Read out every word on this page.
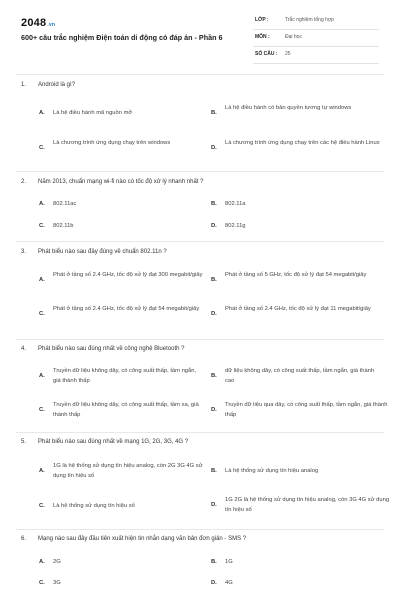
2048.vn
600+ câu trắc nghiệm Điện toán di động có đáp án - Phần 6
LỚP :	Trắc nghiệm tổng hợp
MÔN :	Đại học
SỐ CÂU : 25
1. Android là gì?
A. Là hệ điều hành mã nguồn mở	B.
Là hệ điều hành có bản quyền tương tự windows
C.
Là chương trình ứng dụng chạy trên windows
D.
Là chương trình ứng dụng chạy trên các hệ điều hành Linux
2. Năm 2013, chuẩn mạng wi-fi nào có tốc độ xử lý nhanh nhất ?
A. 802.11ac	B. 802.11a
C. 802.11b	D. 802.11g
3. Phát biểu nào sau đây đúng về chuẩn 802.11n ?
A.
Phát ở tầng số 2.4 GHz, tốc độ xử lý đạt 300 megabit/giây
B.
Phát ở tầng số 5 GHz, tốc độ xử lý đạt 54 megabit/giây
C.
Phát ở tầng số 2.4 GHz, tốc độ xử lý đạt 54 megabit/giây
D.
Phát ở tầng số 2.4 GHz, tốc độ xử lý đạt 11 megabit/giây
4. Phát biểu nào sau đúng nhất về công nghệ Bluetooth ?
A.
Truyền dữ liệu không dây, có công suất thấp, tầm ngắn, giá thành thấp
B.
dữ liệu không dây, có công suất thấp, tầm ngắn, giá thành cao
C.
Truyền dữ liệu không dây, có công suất thấp, tầm xa, giá thành thấp
D.
Truyền dữ liệu qua dây, có công suất thấp, tầm ngắn, giá thành thấp
5. Phát biểu nào sau đúng nhất về mạng 1G, 2G, 3G, 4G ?
A.
1G là hệ thống sử dụng tín hiệu analog, còn 2G 3G 4G sử dụng tín hiệu số
B. Là hệ thống sử dụng tín hiệu analog
C. Là hệ thống sử dụng tín hiệu số	D.
1G 2G là hệ thống sử dụng tín hiệu analog, còn 3G 4G sử dụng tín hiệu số
6. Mạng nào sau đây đầu tiên xuất hiện tin nhắn dạng văn bản đơn giản - SMS ?
A. 2G	B. 1G
C. 3G	D. 4G
